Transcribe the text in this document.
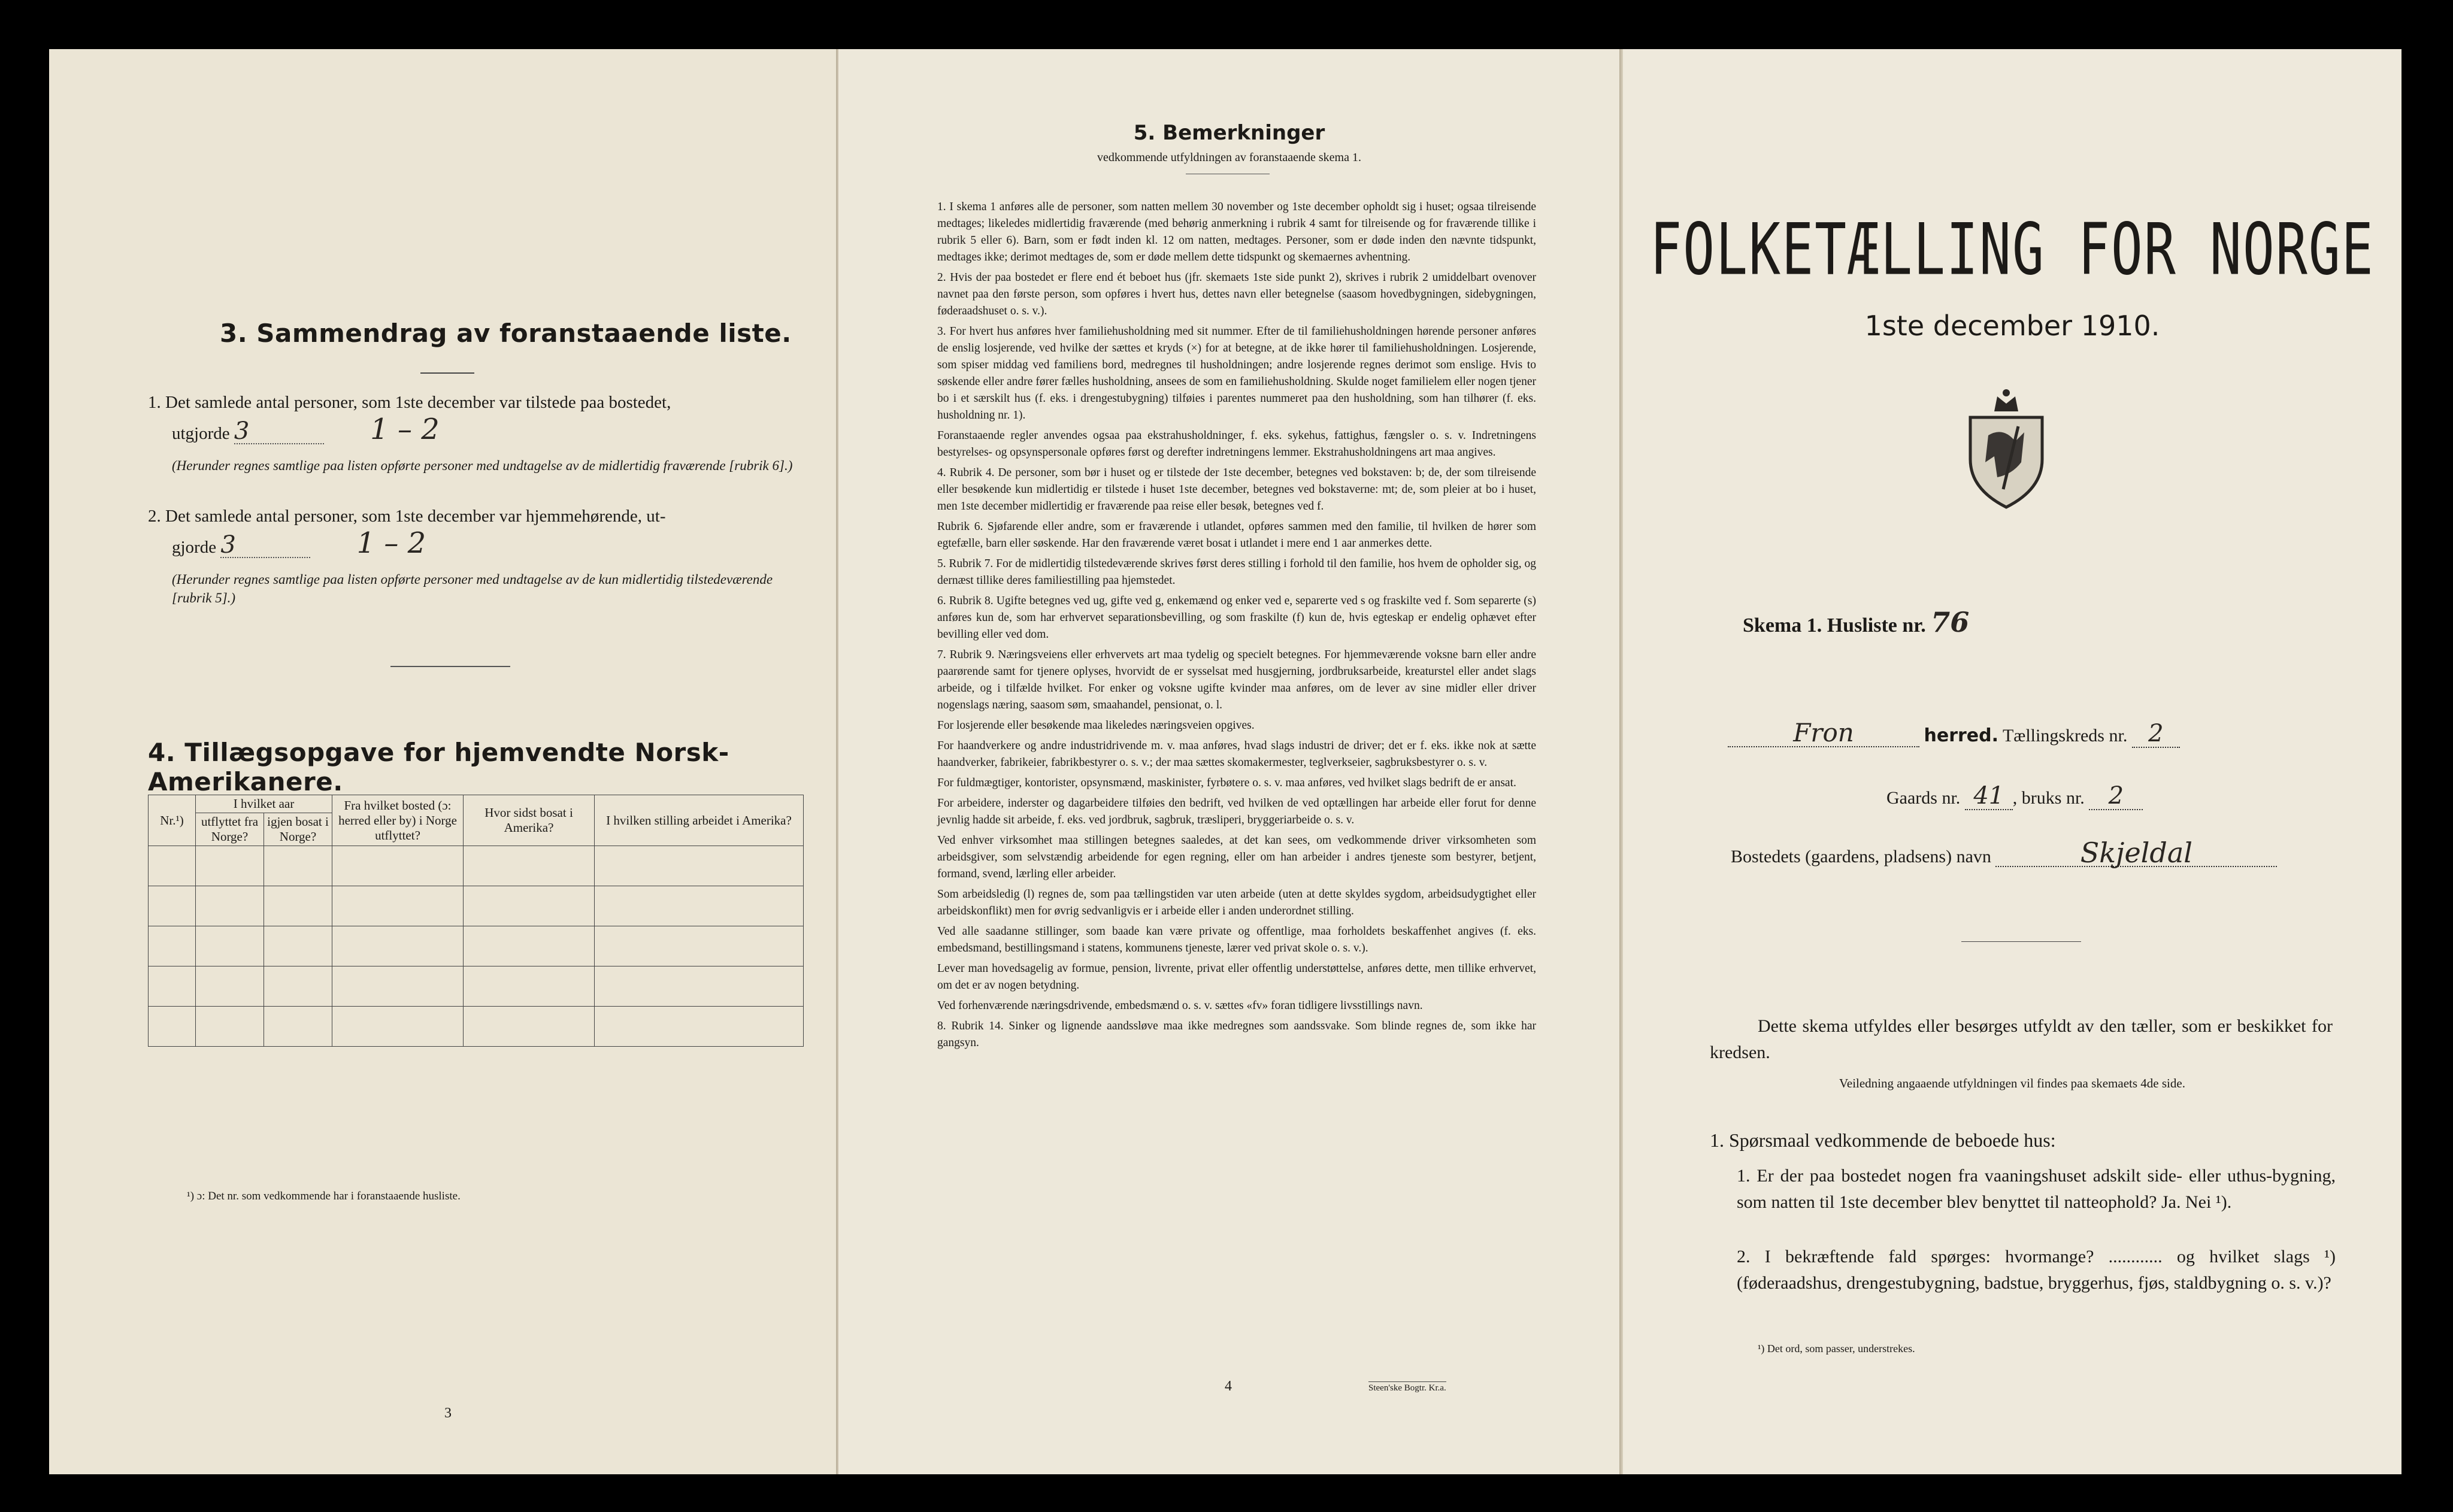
3. Sammendrag av foranstaaende liste.
1. Det samlede antal personer, som 1ste december var tilstede paa bostedet,
utgjorde 3	1 – 2
(Herunder regnes samtlige paa listen opførte personer med undtagelse av de midlertidig fraværende [rubrik 6].)
2. Det samlede antal personer, som 1ste december var hjemmehørende, ut-
gjorde 3	1 – 2
(Herunder regnes samtlige paa listen opførte personer med undtagelse av de kun midlertidig tilstedeværende [rubrik 5].)
4. Tillægsopgave for hjemvendte Norsk-Amerikanere.
Nr.¹)	I hvilket aar		Fra hvilket bosted (ɔ: herred eller by) i Norge utflyttet?	Hvor sidst bosat i Amerika?	I hvilken stilling arbeidet i Amerika?
	utflyttet fra Norge?	igjen bosat i Norge?			

¹) ɔ: Det nr. som vedkommende har i foranstaaende husliste.
3
5. Bemerkninger
vedkommende utfyldningen av foranstaaende skema 1.

1. I skema 1 anføres alle de personer, som natten mellem 30 november og 1ste december opholdt sig i huset; ogsaa tilreisende medtages; likeledes midlertidig fraværende (med behørig anmerkning i rubrik 4 samt for tilreisende og for fraværende tillike i rubrik 5 eller 6). Barn, som er født inden kl. 12 om natten, medtages. Personer, som er døde inden den nævnte tidspunkt, medtages ikke; derimot medtages de, som er døde mellem dette tidspunkt og skemaernes avhentning.

2. Hvis der paa bostedet er flere end ét beboet hus (jfr. skemaets 1ste side punkt 2), skrives i rubrik 2 umiddelbart ovenover navnet paa den første person, som opføres i hvert hus, dettes navn eller betegnelse (saasom hovedbygningen, sidebygningen, føderaadshuset o. s. v.).

3. For hvert hus anføres hver familiehusholdning med sit nummer. Efter de til familiehusholdningen hørende personer anføres de enslig losjerende, ved hvilke der sættes et kryds (×) for at betegne, at de ikke hører til familiehusholdningen. Losjerende, som spiser middag ved familiens bord, medregnes til husholdningen; andre losjerende regnes derimot som enslige. Hvis to søskende eller andre fører fælles husholdning, ansees de som en familiehusholdning. Skulde noget familielem eller nogen tjener bo i et særskilt hus (f. eks. i drengestubygning) tilføies i parentes nummeret paa den husholdning, som han tilhører (f. eks. husholdning nr. 1).

Foranstaaende regler anvendes ogsaa paa ekstrahusholdninger, f. eks. sykehus, fattighus, fængsler o. s. v. Indretningens bestyrelses- og opsynspersonale opføres først og derefter indretningens lemmer. Ekstrahusholdningens art maa angives.

4. Rubrik 4. De personer, som bør i huset og er tilstede der 1ste december, betegnes ved bokstaven: b; de, der som tilreisende eller besøkende kun midlertidig er tilstede i huset 1ste december, betegnes ved bokstaverne: mt; de, som pleier at bo i huset, men 1ste december midlertidig er fraværende paa reise eller besøk, betegnes ved f.

Rubrik 6. Sjøfarende eller andre, som er fraværende i utlandet, opføres sammen med den familie, til hvilken de hører som egtefælle, barn eller søskende. Har den fraværende været bosat i utlandet i mere end 1 aar anmerkes dette.

5. Rubrik 7. For de midlertidig tilstedeværende skrives først deres stilling i forhold til den familie, hos hvem de opholder sig, og dernæst tillike deres familiestilling paa hjemstedet.

6. Rubrik 8. Ugifte betegnes ved ug, gifte ved g, enkemænd og enker ved e, separerte ved s og fraskilte ved f. Som separerte (s) anføres kun de, som har erhvervet separationsbevilling, og som fraskilte (f) kun de, hvis egteskap er endelig ophævet efter bevilling eller ved dom.

7. Rubrik 9. Næringsveiens eller erhvervets art maa tydelig og specielt betegnes. For hjemmeværende voksne barn eller andre paarørende samt for tjenere oplyses, hvorvidt de er sysselsat med husgjerning, jordbruksarbeide, kreaturstel eller andet slags arbeide, og i tilfælde hvilket. For enker og voksne ugifte kvinder maa anføres, om de lever av sine midler eller driver nogenslags næring, saasom søm, smaahandel, pensionat, o. l.

For losjerende eller besøkende maa likeledes næringsveien opgives.

For haandverkere og andre industridrivende m. v. maa anføres, hvad slags industri de driver; det er f. eks. ikke nok at sætte haandverker, fabrikeier, fabrikbestyrer o. s. v.; der maa sættes skomakermester, teglverkseier, sagbruksbestyrer o. s. v.

For fuldmægtiger, kontorister, opsynsmænd, maskinister, fyrbøtere o. s. v. maa anføres, ved hvilket slags bedrift de er ansat.

For arbeidere, inderster og dagarbeidere tilføies den bedrift, ved hvilken de ved optællingen har arbeide eller forut for denne jevnlig hadde sit arbeide, f. eks. ved jordbruk, sagbruk, træsliperi, bryggeriarbeide o. s. v.

Ved enhver virksomhet maa stillingen betegnes saaledes, at det kan sees, om vedkommende driver virksomheten som arbeidsgiver, som selvstændig arbeidende for egen regning, eller om han arbeider i andres tjeneste som bestyrer, betjent, formand, svend, lærling eller arbeider.

Som arbeidsledig (l) regnes de, som paa tællingstiden var uten arbeide (uten at dette skyldes sygdom, arbeidsudygtighet eller arbeidskonflikt) men for øvrig sedvanligvis er i arbeide eller i anden underordnet stilling.

Ved alle saadanne stillinger, som baade kan være private og offentlige, maa forholdets beskaffenhet angives (f. eks. embedsmand, bestillingsmand i statens, kommunens tjeneste, lærer ved privat skole o. s. v.).

Lever man hovedsagelig av formue, pension, livrente, privat eller offentlig understøttelse, anføres dette, men tillike erhvervet, om det er av nogen betydning.

Ved forhenværende næringsdrivende, embedsmænd o. s. v. sættes «fv» foran tidligere livsstillings navn.

8. Rubrik 14. Sinker og lignende aandssløve maa ikke medregnes som aandssvake. Som blinde regnes de, som ikke har gangsyn.

4	Steen'ske Bogtr. Kr.a.
FOLKETÆLLING FOR NORGE
1ste december 1910.
Skema 1. Husliste nr. 76
Fron	herred. Tællingskreds nr. 2
Gaards nr. 41 , bruks nr. 2
Bostedets (gaardens, pladsens) navn	Skjeldal
Dette skema utfyldes eller besørges utfyldt av den tæller, som er beskikket for kredsen.
Veiledning angaaende utfyldningen vil findes paa skemaets 4de side.
1. Spørsmaal vedkommende de beboede hus:
1. Er der paa bostedet nogen fra vaaningshuset adskilt side- eller uthus-bygning, som natten til 1ste december blev benyttet til natteophold? Ja. Nei ¹).
2. I bekræftende fald spørges: hvormange? ............ og hvilket slags ¹) (føderaadshus, drengestubygning, badstue, bryggerhus, fjøs, staldbygning o. s. v.)?
¹) Det ord, som passer, understrekes.
